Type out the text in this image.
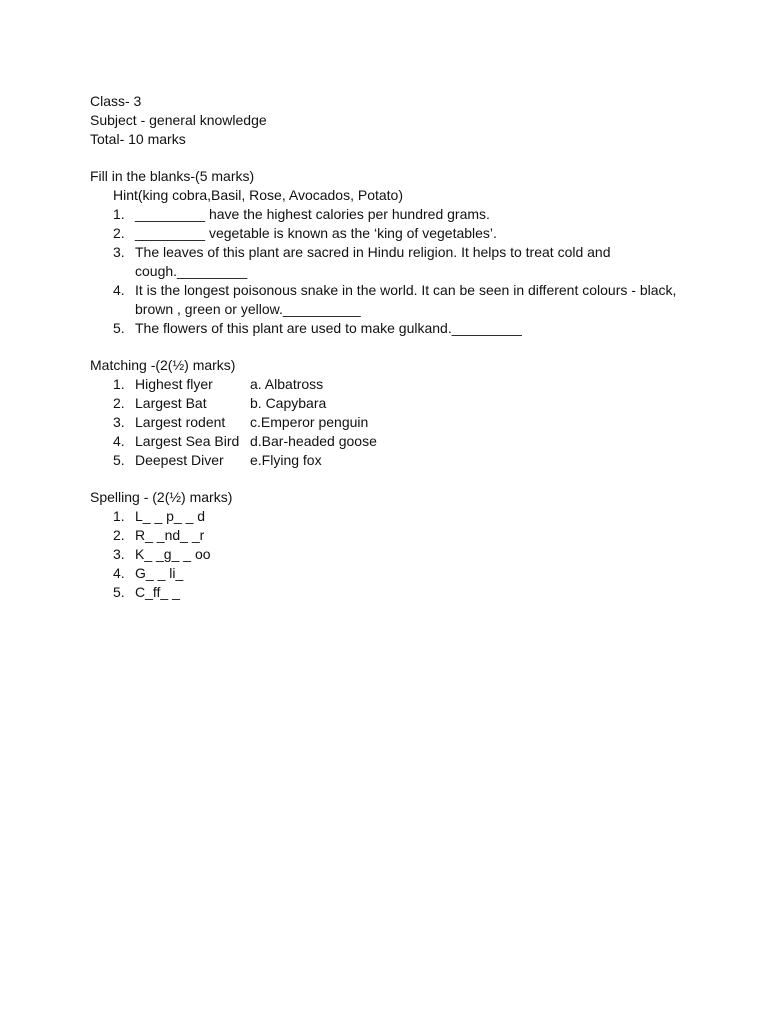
Class- 3
Subject - general knowledge
Total- 10 marks
Fill in the blanks-(5 marks)
Hint(king cobra,Basil, Rose, Avocados, Potato)
1. _________ have the highest calories per hundred grams.
2. _________ vegetable is known as the ‘king of vegetables’.
3. The leaves of this plant are sacred in Hindu religion. It helps to treat cold and cough._________
4. It is the longest poisonous snake in the world. It can be seen in different colours - black, brown , green or yellow.__________
5. The flowers of this plant are used to make gulkand._________
Matching -(2(½) marks)
1. Highest flyer	a. Albatross
2. Largest Bat	b. Capybara
3. Largest rodent c.Emperor penguin
4. Largest Sea Bird d.Bar-headed goose
5. Deepest Diver e.Flying fox
Spelling - (2(½) marks)
1. L_ _ p_ _ d
2. R_ _nd_ _r
3. K_ _g_ _ oo
4. G_ _ li_
5. C_ff_ _
